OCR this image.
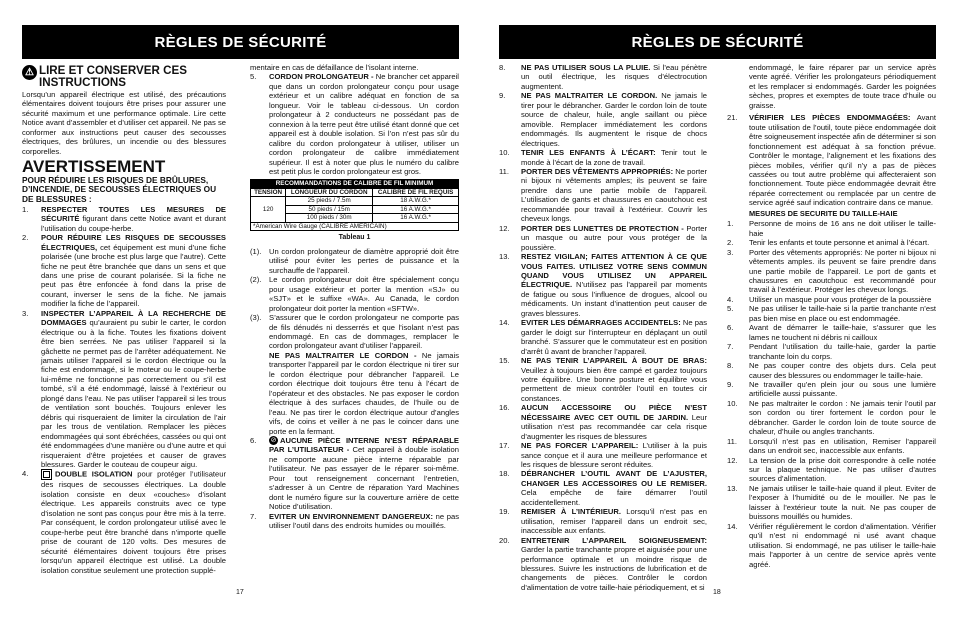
RÈGLES DE SÉCURITÉ
⚠ LIRE ET CONSERVER CES INSTRUCTIONS

Lorsqu’un appareil électrique est utilisé, des précautions élémentaires doivent toujours être prises pour assurer une sécurité maximum et une performance optimale. Lire cette Notice avant d’assembler et d’utiliser cet appareil. Ne pas se conformer aux instructions peut causer des secousses électriques, des brûlures, un incendie ou des blessures corporelles.

AVERTISSEMENT
POUR RÉDUIRE LES RISQUES DE BRÛLURES, D’INCENDIE, DE SECOUSSES ÉLECTRIQUES OU DE BLESSURES :
1.	RESPECTER TOUTES LES MESURES DE SÉCURITÉ figurant dans cette Notice avant et durant l’utilisation du coupe-herbe.
2.	POUR RÉDUIRE LES RISQUES DE SECOUSSES ÉLECTRIQUES, cet équipement est muni d’une fiche polarisée (une broche est plus large que l’autre). Cette fiche ne peut être branchée que dans un sens et que dans une prise de courant polarisée. Si la fiche ne peut pas être enfoncée à fond dans la prise de courant, inverser le sens de la fiche. Ne jamais modifier la fiche de l’appareil.
3.	INSPECTER L’APPAREIL À LA RECHERCHE DE DOMMAGES qu’auraient pu subir le carter, le cordon électrique ou à la fiche. Toutes les fixations doivent être bien serrées. Ne pas utiliser l’appareil si la gâchette ne permet pas de l’arrêter adéquatement. Ne jamais utiliser l’appareil si le cordon électrique ou la fiche est endommagé, si le moteur ou le coupe-herbe lui-même ne fonctionne pas correctement ou s’il est tombé, s’il a été endommagé, laissé à l’extérieur ou plongé dans l’eau. Ne pas utiliser l’appareil si les trous de ventilation sont bouchés. Toujours enlever les débris qui risqueraient de limiter la circulation de l’air par les trous de ventilation. Remplacer les pièces endommagées qui sont ébréchées, cassées ou qui ont été endommagées d’une manière ou d’une autre et qui risqueraient d’être projetées et causer de graves blessures. Garder le couteau de coupeur aigu.
4.	DOUBLE ISOLATION pour protéger l’utilisateur des risques de secousses électriques. La double isolation consiste en deux «couches» d’isolant électrique. Les appareils construits avec ce type d’isolation ne sont pas conçus pour être mis à la terre. Par conséquent, le cordon prolongateur utilisé avec le coupe-herbe peut être branché dans n’importe quelle prise de courant de 120 volts. Des mesures de sécurité élémentaires doivent toujours être prises lorsqu’un appareil électrique est utilisé. La double isolation constitue seulement une protection supplé-

mentaire en cas de défaillance de l’isolant interne.

5.	CORDON PROLONGATEUR - Ne brancher cet appareil que dans un cordon prolongateur conçu pour usage extérieur et un calibre adéquat en fonction de sa longueur. Voir le tableau ci-dessous. Un cordon prolongateur à 2 conducteurs ne possédant pas de connexion à la terre peut être utilisé étant donné que cet appareil est à double isolation. Si l’on n’est pas sûr du calibre du cordon prolongateur à utiliser, utiliser un cordon prolongateur de calibre immédiatement supérieur. Il est à noter que plus le numéro du calibre est petit plus le cordon prolongateur est gros.
RECOMMANDATIONS DE CALIBRE DE FIL MINIMUM		
TENSION	LONGUEUR DU CORDON	CALIBRE DE FIL REQUIS
120	25 pieds / 7.5m	18 A.W.G.*
	50 pieds / 15m	16 A.W.G.*
	100 pieds / 30m	16 A.W.G.*
*American Wire Gauge (CALIBRE AMERICAIN)		
Tableau 1
(1).	Un cordon prolongateur de diamètre approprié doit être utilisé pour éviter les pertes de puissance et la surchauffe de l’appareil.
(2).	Le cordon prolongateur doit être spécialement conçu pour usage extérieur et porter la mention «SJ» ou «SJT» et le suffixe «WA». Au Canada, le cordon prolongateur doit porter la mention «SFTW».
(3).	S’assurer que le cordon prolongateur ne comporte pas de fils dénudés ni desserrés et que l’isolant n’est pas endommagé. En cas de dommages, remplacer le cordon prolongateur avant d’utiliser l’appareil.

NE PAS MALTRAITER LE CORDON - Ne jamais transporter l’appareil par le cordon électrique ni tirer sur le cordon électrique pour débrancher l’appareil. Le cordon électrique doit toujours être tenu à l’écart de l’opérateur et des obstacles. Ne pas exposer le cordon électrique à des surfaces chaudes, de l’huile ou de l’eau. Ne pas tirer le cordon électrique autour d’angles vifs, de coins et veiller à ne pas le coincer dans une porte en la fermant.

6.	⊘ AUCUNE PIÈCE INTERNE N’EST RÉPARABLE PAR L’UTILISATEUR - Cet appareil à double isolation ne comporte aucune pièce interne réparable par l’utilisateur. Ne pas essayer de le réparer soi-même. Pour tout renseignement concernant l’entretien, s’adresser à un Centre de réparation Yard Machines dont le numéro figure sur la couverture arrière de cette Notice d’utilisation.
7.	EVITER UN ENVIRONNEMENT DANGEREUX: ne pas utiliser l’outil dans des endroits humides ou mouillés.
17
RÈGLES DE SÉCURITÉ
8.	NE PAS UTILISER SOUS LA PLUIE. Si l’eau pénètre un outil électrique, les risques d’électrocution augmentent.
9.	NE PAS MALTRAITER LE CORDON. Ne jamais le tirer pour le débrancher. Garder le cordon loin de toute source de chaleur, huile, angle saillant ou pièce amovible. Remplacer immédiatement les cordons endommagés. Ils augmentent le risque de chocs électriques.
10.	TENIR LES ENFANTS À L’ÉCART: Tenir tout le monde à l’écart de la zone de travail.
11.	PORTER DES VÊTEMENTS APPROPRIÉS: Ne porter ni bijoux ni vêtements amples; ils peuvent se faire prendre dans une partie mobile de l’appareil. L’utilisation de gants et chaussures en caoutchouc est recommandée pour travail à l’extérieur. Couvrir les cheveux longs.
12.	PORTER DES LUNETTES DE PROTECTION - Porter un masque ou autre pour vous protéger de la poussière.
13.	RESTEZ VIGILAN; FAITES ATTENTION À CE QUE VOUS FAITES. UTILISEZ VOTRE SENS COMMUN QUAND VOUS UTILISEZ UN APPAREIL ÉLECTRIQUE. N’utilisez pas l’appareil par moments de fatigue ou sous l’influence de drogues, alcool ou médicaments. Un instant d’inattention peut causer de graves blessures.
14.	EVITER LES DÉMARRAGES ACCIDENTELS: Ne pas garder le doigt sur l’interrupteur en déplaçant un outil branché. S’assurer que le commutateur est en position d’arrêt û avant de brancher l’appareil.
15.	NE PAS TENIR L’APPAREIL À BOUT DE BRAS: Veuillez à toujours bien être campé et gardez toujours votre équilibre. Une bonne posture et équilibre vous permettent de mieux contrôler l’outil en toutes cir constances.
16.	AUCUN ACCESSOIRE OU PIÈCE N’EST NÉCESSAIRE AVEC CET OUTIL DE JARDIN. Leur utilisation n’est pas recommandée car cela risque d’augmenter les risques de blessures
17.	NE PAS FORCER L’APPAREIL: L’utiliser à la puis sance conçue et il aura une meilleure performance et les risques de blessure seront réduites.
18.	DÉBRANCHER L’OUTIL AVANT DE L’AJUSTER, CHANGER LES ACCESSOIRES OU LE REMISER. Cela empêche de faire démarrer l’outil accidentellement.
19.	REMISER À L’INTÉRIEUR. Lorsqu’il n’est pas en utilisation, remiser l’appareil dans un endroit sec, inaccessible aux enfants.
20.	ENTRETENIR L’APPAREIL SOIGNEUSEMENT: Garder la partie tranchante propre et aiguisée pour une performance optimale et un moindre risque de blessures. Suivre les instructions de lubrification et de changements de pièces. Contrôler le cordon d’alimentation de votre taille-haie périodiquement, et si

endommagé, le faire réparer par un service après vente agréé. Vérifier les prolongateurs périodiquement et les remplacer si endommagés. Garder les poignées sèches, propres et exemptes de toute trace d’huile ou graisse.

21.	VÉRIFIER LES PIÈCES ENDOMMAGÉES: Avant toute utilisation de l’outil, toute pièce endommagée doit être soigneusement inspectée afin de déterminer si son fonctionnement est adéquat à sa fonction prévue. Contrôler le montage, l’alignement et les fixations des pièces mobiles, vérifier qu’il n’y a pas de pièces cassées ou tout autre problème qui affecteraient son fonctionnement. Toute pièce endommagée devrait être réparée correctement ou remplacée par un centre de service agréé sauf indication contraire dans ce manue.
MESURES DE SECURITE DU TAILLE-HAIE
1.	Personne de moins de 16 ans ne doit utiliser le taille-haie
2.	Tenir les enfants et toute personne et animal à l’écart.
3.	Porter des vêtements appropriés: Ne porter ni bijoux ni vêtements amples. ils peuvent se faire prendre dans une partie mobile de l’appareil. Le port de gants et chaussures en caoutchouc est recommandé pour travail à l’extérieur. Protéger les cheveux longs.
4.	Utiliser un masque pour vous protéger de la poussière
5.	Ne pas utiliser le taille-haie si la partie tranchante n’est pas bien mise en place ou est endommagée.
6.	Avant de démarrer le taille-haie, s’assurer que les lames ne touchent ni débris ni cailloux
7.	Pendant l’utilisation du taille-haie, garder la partie tranchante loin du corps.
8.	Ne pas couper contre des objets durs. Cela peut causer des blessures ou endommager le taille-haie.
9.	Ne travailler qu’en plein jour ou sous une lumière artificielle aussi puissante.
10.	Ne pas maltraiter le cordon : Ne jamais tenir l’outil par son cordon ou tirer fortement le cordon pour le débrancher. Garder le cordon loin de toute source de chaleur, d’huile ou angles tranchants.
11.	Lorsqu’il n’est pas en utilisation, Remiser l’appareil dans un endroit sec, inaccessible aux enfants.
12.	La tension de la prise doit correspondre à celle notée sur la plaque technique. Ne pas utiliser d’autres sources d’alimentation.
13.	Ne jamais utiliser le taille-haie quand il pleut. Eviter de l’exposer à l’humidité ou de le mouiller. Ne pas le laisser à l’extérieur toute la nuit. Ne pas couper de buissons mouillés ou humides.
14.	Vérifier régulièrement le cordon d’alimentation. Vérifier qu’il n’est ni endommagé ni usé avant chaque utilisation. Si endommagé, ne pas utiliser le taille-haie mais l’apporter à un centre de service après vente agréé.
18
